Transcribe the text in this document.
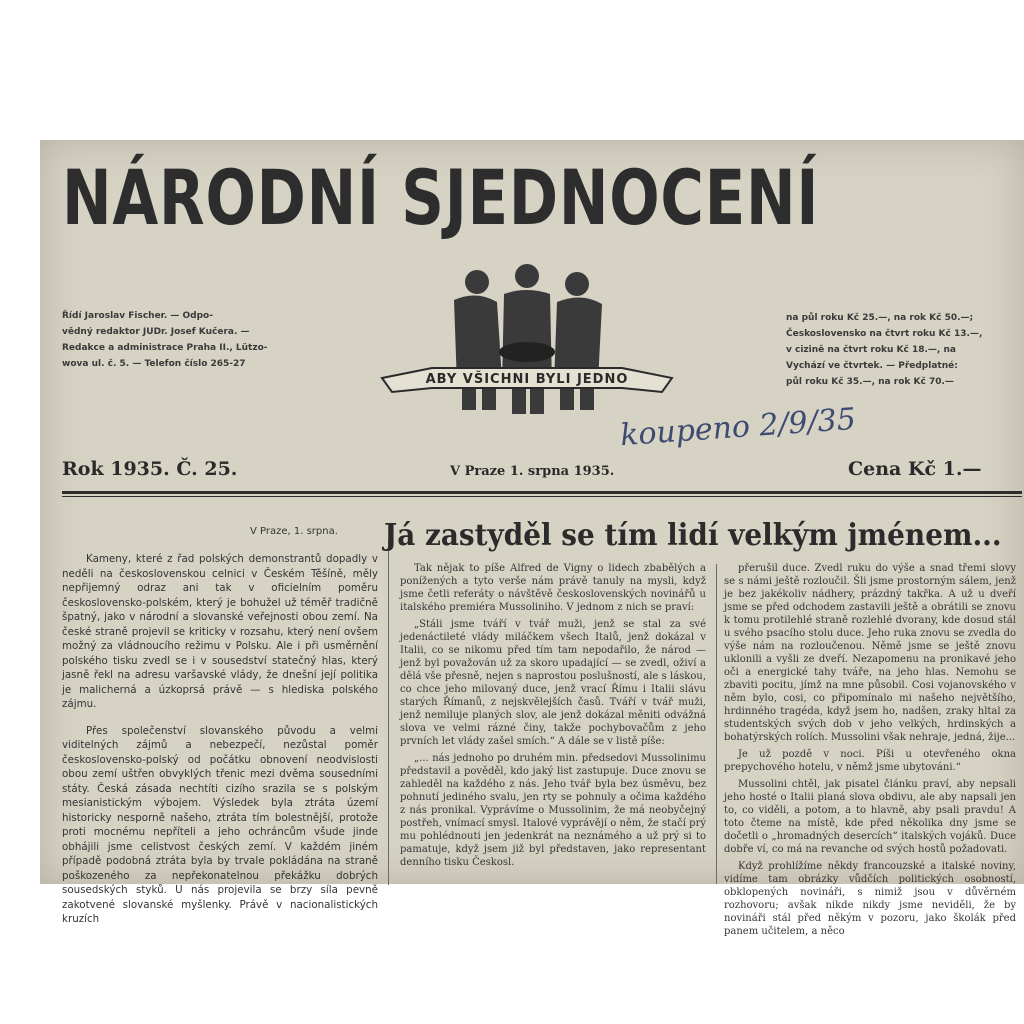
NÁRODNÍ SJEDNOCENÍ
Řídí Jaroslav Fischer. — Odpo-
vědný redaktor JUDr. Josef Kučera. —
Redakce a administrace Praha II., Lützo-
wova ul. č. 5. — Telefon číslo 265-27
ABY VŠICHNI BYLI JEDNO
na půl roku Kč 25.—, na rok Kč 50.—;
Československo na čtvrt roku Kč 13.—,
v cizině na čtvrt roku Kč 18.—, na
Vychází ve čtvrtek. — Předplatné:
půl roku Kč 35.—, na rok Kč 70.—
koupeno 2/9/35
Rok 1935. Č. 25.	V Praze 1. srpna 1935.	Cena Kč 1.—
V Praze, 1. srpna.

Kameny, které z řad polských demonstrantů dopadly v neděli na československou celnici v Českém Těšíně, měly nepřijemný odraz ani tak v oficielním poměru československo-polském, který je bohužel už téměř tradičně špatný, jako v národní a slovanské veřejnosti obou zemí. Na české straně projevil se kriticky v rozsahu, který není ovšem možný za vládnoucího režimu v Polsku. Ale i při usměrnění polského tisku zvedl se i v sousedství statečný hlas, který jasně řekl na adresu varšavské vlády, že dnešní její politika je malicherná a úzkoprsá právě — s hlediska polského zájmu.

Přes společenství slovanského původu a velmi viditelných zájmů a nebezpečí, nezůstal poměr československo-polský od počátku obnovení neodvislosti obou zemí uštřen obvyklých třenic mezi dvěma sousedními státy. Česká zásada nechtíti cizího srazila se s polským mesianistickým výbojem. Výsledek byla ztráta území historicky nesporně našeho, ztráta tím bolestnější, protože proti mocnému nepříteli a jeho ochráncům všude jinde obhájili jsme celistvost českých zemí. V každém jiném případě podobná ztráta byla by trvale pokládána na straně poškozeného za nepřekonatelnou překážku dobrých sousedských styků. U nás projevila se brzy síla pevně zakotvené slovanské myšlenky. Právě v nacionalistických kruzích

Já zastyděl se tím lidí velkým jménem...

Tak nějak to píše Alfred de Vigny o lidech zbabělých a ponížených a tyto verše nám právě tanuly na mysli, když jsme četli referáty o návštěvě československých novinářů u italského premiéra Mussoliniho. V jednom z nich se praví:

„Stáli jsme tváří v tvář muži, jenž se stal za své jedenáctileté vlády miláčkem všech Italů, jenž dokázal v Italii, co se nikomu před tím tam nepodařilo, že národ — jenž byl považován už za skoro upadající — se zvedl, oživí a dělá vše přesně, nejen s naprostou poslušností, ale s láskou, co chce jeho milovaný duce, jenž vrací Římu i Italii slávu starých Římanů, z nejskvělejších časů. Tváří v tvář muži, jenž nemiluje planých slov, ale jenž dokázal měniti odvážná slova ve velmi rázné činy, takže pochybovačům z jeho prvních let vlády zašel smích.“ A dále se v listě píše:

„... nás jednoho po druhém min. předsedovi Mussolinimu představil a pověděl, kdo jaký list zastupuje. Duce znovu se zahleděl na každého z nás. Jeho tvář byla bez úsměvu, bez pohnutí jediného svalu, jen rty se pohnuly a očima každého z nás pronikal. Vyprávíme o Mussolinim, že má neobyčejný postřeh, vnímací smysl. Italové vyprávějí o něm, že stačí prý mu pohlédnouti jen jedenkrát na neznámého a už prý si to pamatuje, když jsem již byl představen, jako representant denního tisku Českosl.

přerušil duce. Zvedl ruku do výše a snad třemi slovy se s námi ještě rozloučil. Šli jsme prostorným sálem, jenž je bez jakékoliv nádhery, prázdný takřka. A už u dveří jsme se před odchodem zastavili ještě a obrátili se znovu k tomu protilehlé straně rozlehlé dvorany, kde dosud stál u svého psacího stolu duce. Jeho ruka znovu se zvedla do výše nám na rozloučenou. Němě jsme se ještě znovu uklonili a vyšli ze dveří. Nezapomenu na pronikavé jeho oči a energické tahy tváře, na jeho hlas. Nemohu se zbaviti pocitu, jímž na mne působil. Cosi vojanovského v něm bylo, cosi, co připomínalo mi našeho největšího, hrdinného tragéda, když jsem ho, nadšen, zraky hltal za studentských svých dob v jeho velkých, hrdinských a bohatýrských rolích. Mussolini však nehraje, jedná, žije...

Je už pozdě v noci. Píši u otevřeného okna prepychového hotelu, v němž jsme ubytováni.“

Mussolini chtěl, jak pisatel článku praví, aby nepsali jeho hosté o Italii planá slova obdivu, ale aby napsali jen to, co viděli, a potom, a to hlavně, aby psali pravdu! A toto čteme na místě, kde před několika dny jsme se dočetli o „hromadných desercích“ italských vojáků. Duce dobře ví, co má na revanche od svých hostů požadovati.

Když prohlížíme někdy francouzské a italské noviny, vidíme tam obrázky vůdčích politických osobností, obklopených novináři, s nimiž jsou v důvěrném rozhovoru; avšak nikde nikdy jsme neviděli, že by novináři stál před někým v pozoru, jako školák před panem učitelem, a něco
